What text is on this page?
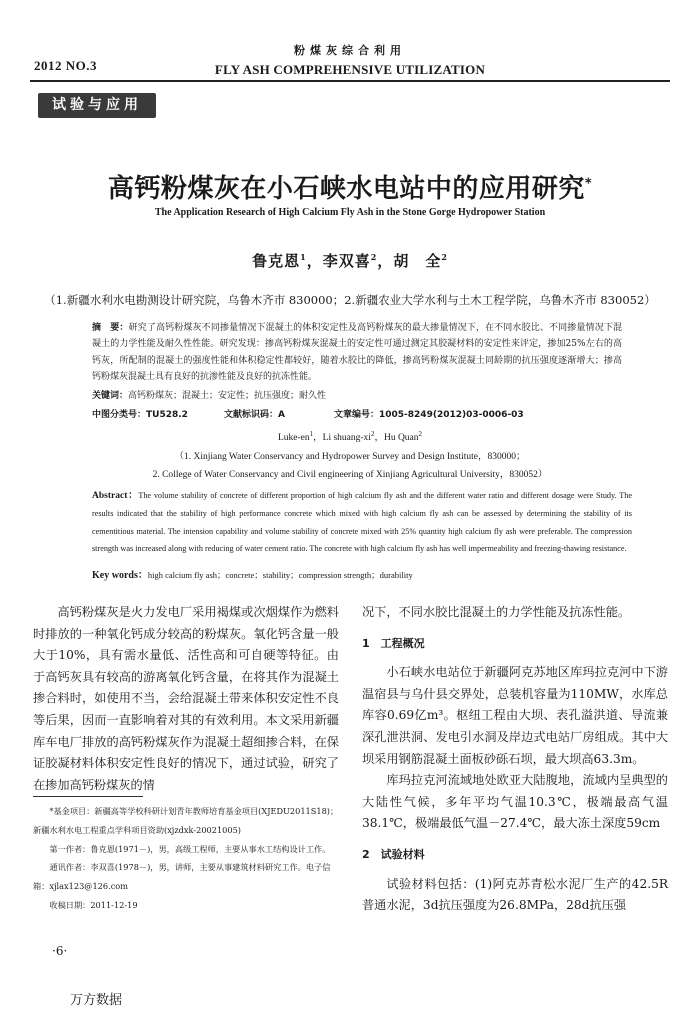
2012 NO.3
粉煤灰综合利用
FLY ASH COMPREHENSIVE UTILIZATION
试验与应用
高钙粉煤灰在小石峡水电站中的应用研究*
The Application Research of High Calcium Fly Ash in the Stone Gorge Hydropower Station
鲁克恩$^1$，李双喜$^2$，胡　全$^2$
（1.新疆水利水电勘测设计研究院，乌鲁木齐市 830000；2.新疆农业大学水利与土木工程学院，乌鲁木齐市 830052）
摘　要：研究了高钙粉煤灰不同掺量情况下混凝土的体积安定性及高钙粉煤灰的最大掺量情况下，在不同水胶比、不同掺量情况下混凝土的力学性能及耐久性性能。研究发现：掺高钙粉煤灰混凝土的安定性可通过测定其胶凝材料的安定性来评定，掺加25%左右的高钙灰，所配制的混凝土的强度性能和体积稳定性都较好，随着水胶比的降低，掺高钙粉煤灰混凝土同龄期的抗压强度逐渐增大；掺高钙粉煤灰混凝土具有良好的抗渗性能及良好的抗冻性能。
关键词：高钙粉煤灰；混凝土；安定性；抗压强度；耐久性
中图分类号：TU528.2	文献标识码：A	文章编号：1005-8249(2012)03-0006-03
Luke-$en^1$，Li shuang-$xi^2$，Hu Quan$^2$
（1. Xinjiang Water Conservancy and Hydropower Survey and Design Institute，830000；
2. College of Water Conservancy and Civil engineering of Xinjiang Agricultural University，830052）
Abstract：The volume stability of concrete of different proportion of high calcium fly ash and the different water ratio and different dosage were Study. The results indicated that the stability of high performance concrete which mixed with high calcium fly ash can be assessed by determining the stability of its cementitious material. The intension capability and volume stability of concrete mixed with 25% quantity high calcium fly ash were preferable. The compression strength was increased along with reducing of water cement ratio. The concrete with high calcium fly ash has well impermeability and freezing-thawing resistance.
Key words：high calcium fly ash；concrete；stability；compression strength；durability

高钙粉煤灰是火力发电厂采用褐煤或次烟煤作为燃料时排放的一种氧化钙成分较高的粉煤灰。氧化钙含量一般大于10%，具有需水量低、活性高和可自硬等特征。由于高钙灰具有较高的游离氧化钙含量，在将其作为混凝土掺合料时，如使用不当，会给混凝土带来体积安定性不良等后果，因而一直影响着对其的有效利用。本文采用新疆库车电厂排放的高钙粉煤灰作为混凝土超细掺合料，在保证胶凝材料体积安定性良好的情况下，通过试验，研究了在掺加高钙粉煤灰的情

况下，不同水胶比混凝土的力学性能及抗冻性能。

1　工程概况

小石峡水电站位于新疆阿克苏地区库玛拉克河中下游温宿县与乌什县交界处，总装机容量为110MW，水库总库容0.69亿m³。枢纽工程由大坝、表孔溢洪道、导流兼深孔泄洪洞、发电引水洞及岸边式电站厂房组成。其中大坝采用钢筋混凝土面板砂砾石坝，最大坝高63.3m。

库玛拉克河流域地处欧亚大陆腹地，流域内呈典型的大陆性气候，多年平均气温10.3℃，极端最高气温38.1℃，极端最低气温－27.4℃，最大冻土深度59cm

2　试验材料

试验材料包括：(1)阿克苏青松水泥厂生产的42.5R普通水泥，3d抗压强度为26.8MPa，28d抗压强

*基金项目：新疆高等学校科研计划青年教师培育基金项目(XJEDU2011S18)；新疆水利水电工程重点学科项目资助(xjzdxk-20021005)

第一作者：鲁克恩(1971－)，男，高级工程师，主要从事水工结构设计工作。

通讯作者：李双喜(1978－)，男，讲师，主要从事建筑材料研究工作。电子信箱：xjlax123@126.com

收稿日期：2011-12-19

·6·
万方数据
